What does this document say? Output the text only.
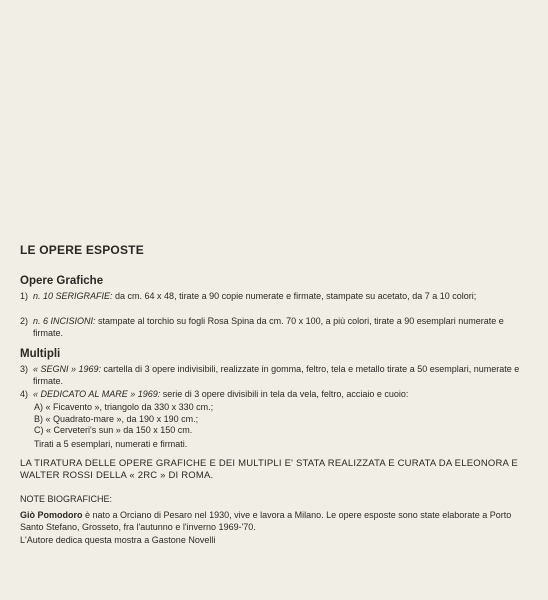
LE OPERE ESPOSTE
Opere Grafiche
1) n. 10 SERIGRAFIE: da cm. 64 x 48, tirate a 90 copie numerate e firmate, stampate su acetato, da 7 a 10 colori;
2) n. 6 INCISIONI: stampate al torchio su fogli Rosa Spina da cm. 70 x 100, a più colori, tirate a 90 esemplari numerate e firmate.
Multipli
3) « SEGNI » 1969: cartella di 3 opere indivisibili, realizzate in gomma, feltro, tela e metallo tirate a 50 esemplari, numerate e firmate.
4) « DEDICATO AL MARE » 1969: serie di 3 opere divisibili in tela da vela, feltro, acciaio e cuoio:
A) « Ficavento », triangolo da 330 x 330 cm.;
B) « Quadrato-mare », da 190 x 190 cm.;
C) « Cerveteri's sun » da 150 x 150 cm.
Tirati a 5 esemplari, numerati e firmati.
LA TIRATURA DELLE OPERE GRAFICHE E DEI MULTIPLI E' STATA REALIZZATA E CURATA DA ELEONORA E WALTER ROSSI DELLA « 2RC » DI ROMA.
NOTE BIOGRAFICHE:
Giò Pomodoro è nato a Orciano di Pesaro nel 1930, vive e lavora a Milano. Le opere esposte sono state elaborate a Porto Santo Stefano, Grosseto, fra l'autunno e l'inverno 1969-'70.
L'Autore dedica questa mostra a Gastone Novelli
